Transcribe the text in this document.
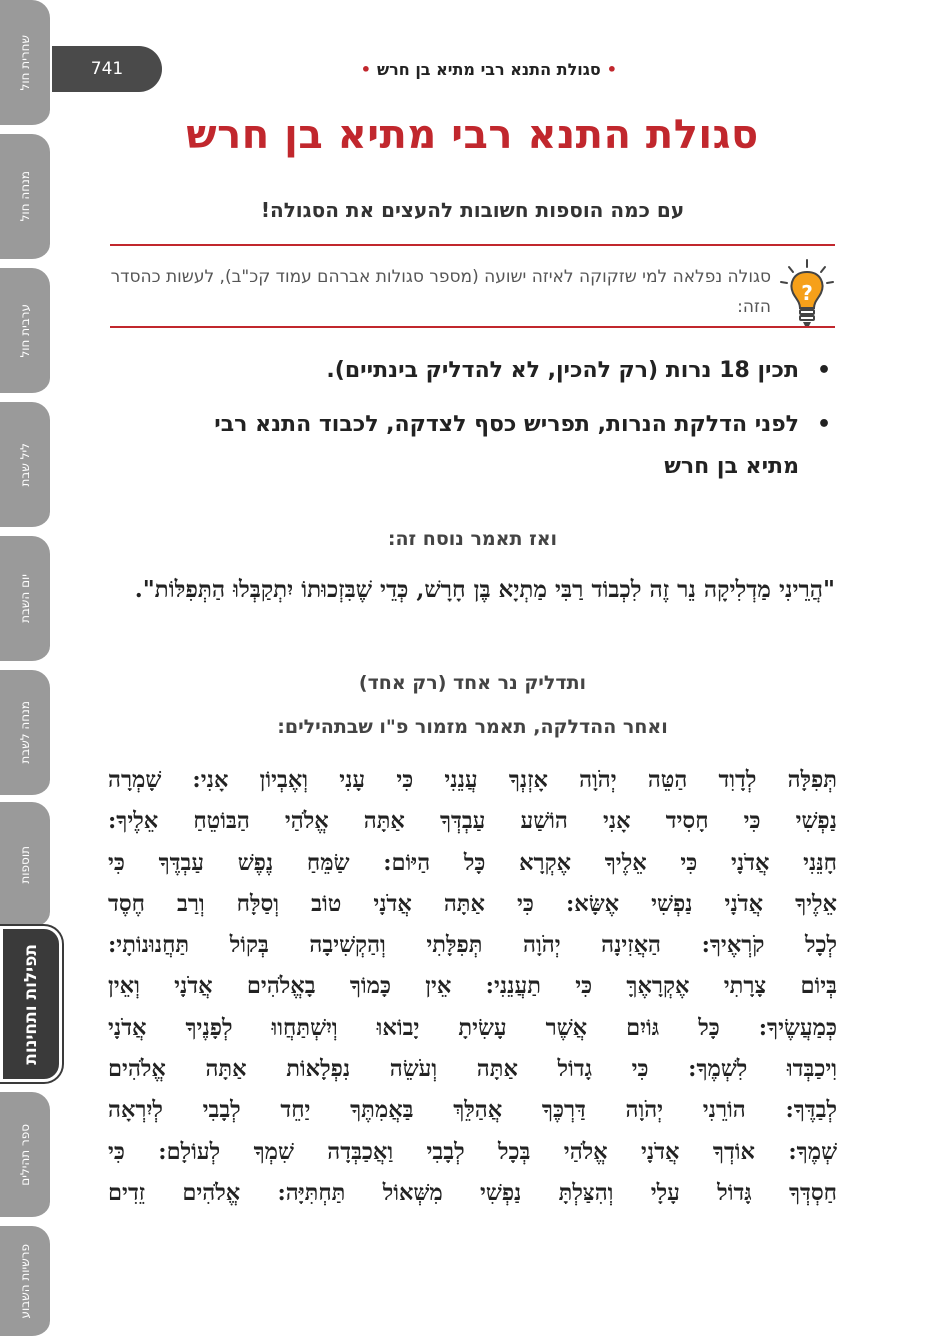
שחרית חול
מנחה חול
ערבית חול
ליל שבת
יום השבת
מנחה לשבת
תוספות
תפילות ותחינות
ספר תהילים
פרשיות השבוע
741	•סגולת התנא רבי מתיא בן חרש•
סגולת התנא רבי מתיא בן חרש
עם כמה הוספות חשובות להעצים את הסגולה!
?
סגולה נפלאה למי שזקוקה לאיזה ישועה (מספר סגולות אברהם עמוד קכ"ב), לעשות כהסדר הזה:
• תכין 18 נרות (רק להכין, לא להדליק בינתיים).
• לפני הדלקת הנרות, תפריש כסף לצדקה, לכבוד התנא רבי מתיא בן חרש
ואז תאמר נוסח זה:
"הֲרֵינִי מַדְלִיקָה נֵר זֶה לִכְבוֹד רַבִּי מַתְיָא בֶּן חָרָשׁ, כְּדֵי שֶׁבִּזְכוּתוֹ יִתְקַבְּלוּ הַתְּפִלּוֹת".
ותדליק נר אחד (רק אחד)
ואחר ההדלקה, תאמר מזמור פ"ו שבתהילים:
תְּפִלָּה לְדָוִד הַטֵּה יְהֹוָה אָזְנְךָ עֲנֵנִי כִּי עָנִי וְאֶבְיוֹן אָנִי: שָׁמְרָה
נַפְשִׁי כִּי חָסִיד אָנִי הוֹשַׁע עַבְדְּךָ אַתָּה אֱלֹהַי הַבּוֹטֵחַ אֵלֶיךָ:
חָנֵּנִי אֲדֹנָי כִּי אֵלֶיךָ אֶקְרָא כָּל הַיּוֹם: שַׂמֵּחַ נֶפֶשׁ עַבְדֶּךָ כִּי
אֵלֶיךָ אֲדֹנָי נַפְשִׁי אֶשָּׂא: כִּי אַתָּה אֲדֹנָי טוֹב וְסַלָּח וְרַב חֶסֶד
לְכָל קֹרְאֶיךָ: הַאֲזִינָה יְהֹוָה תְּפִלָּתִי וְהַקְשִׁיבָה בְּקוֹל תַּחֲנוּנוֹתָי:
בְּיוֹם צָרָתִי אֶקְרָאֶךָּ כִּי תַעֲנֵנִי: אֵין כָּמוֹךָ בָאֱלֹהִים אֲדֹנָי וְאֵין
כְּמַעֲשֶׂיךָ: כָּל גּוֹיִם אֲשֶׁר עָשִׂיתָ יָבוֹאוּ וְיִשְׁתַּחֲווּ לְפָנֶיךָ אֲדֹנָי
וִיכַבְּדוּ לִשְׁמֶךָ: כִּי גָדוֹל אַתָּה וְעֹשֵׂה נִפְלָאוֹת אַתָּה אֱלֹהִים
לְבַדֶּךָ: הוֹרֵנִי יְהֹוָה דַּרְכֶּךָ אֲהַלֵּךְ בַּאֲמִתֶּךָ יַחֵד לְבָבִי לְיִרְאָה
שְׁמֶךָ: אוֹדְךָ אֲדֹנָי אֱלֹהַי בְּכָל לְבָבִי וַאֲכַבְּדָה שִׁמְךָ לְעוֹלָם: כִּי
חַסְדְּךָ גָּדוֹל עָלָי וְהִצַּלְתָּ נַפְשִׁי מִשְּׁאוֹל תַּחְתִּיָּה: אֱלֹהִים זֵדִים
